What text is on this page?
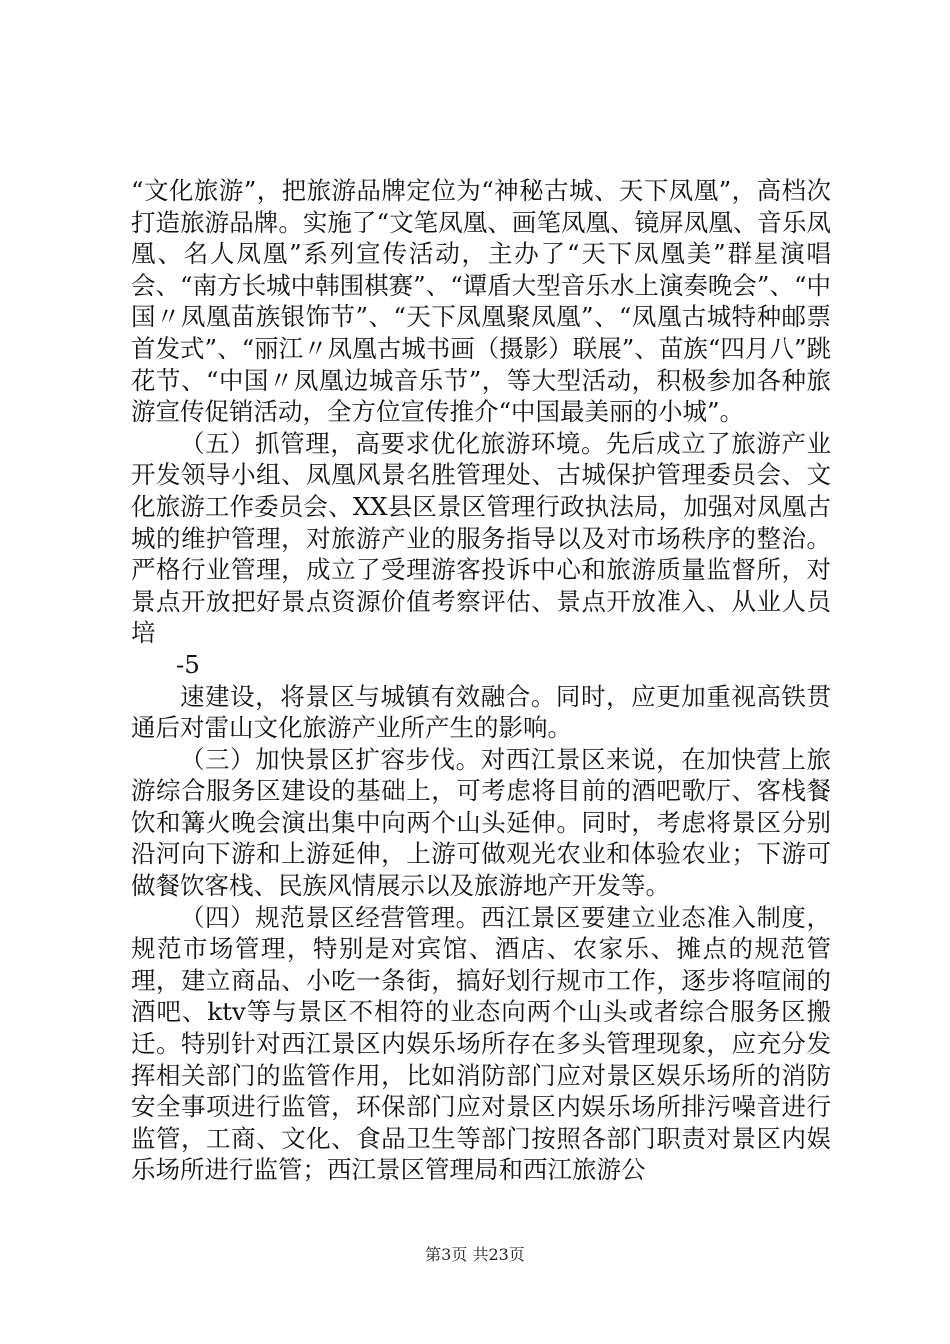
“文化旅游”，把旅游品牌定位为“神秘古城、天下凤凰”，高档次打造旅游品牌。实施了“文笔凤凰、画笔凤凰、镜屏凤凰、音乐凤凰、名人凤凰”系列宣传活动，主办了“天下凤凰美”群星演唱会、“南方长城中韩围棋赛”、“谭盾大型音乐水上演奏晚会”、“中国〃凤凰苗族银饰节”、“天下凤凰聚凤凰”、“凤凰古城特种邮票首发式”、“丽江〃凤凰古城书画（摄影）联展”、苗族“四月八”跳花节、“中国〃凤凰边城音乐节”，等大型活动，积极参加各种旅游宣传促销活动，全方位宣传推介“中国最美丽的小城”。

（五）抓管理，高要求优化旅游环境。先后成立了旅游产业开发领导小组、凤凰风景名胜管理处、古城保护管理委员会、文化旅游工作委员会、XX县区景区管理行政执法局，加强对凤凰古城的维护管理，对旅游产业的服务指导以及对市场秩序的整治。严格行业管理，成立了受理游客投诉中心和旅游质量监督所，对景点开放把好景点资源价值考察评估、景点开放准入、从业人员培

-5

速建设，将景区与城镇有效融合。同时，应更加重视高铁贯通后对雷山文化旅游产业所产生的影响。

（三）加快景区扩容步伐。对西江景区来说，在加快营上旅游综合服务区建设的基础上，可考虑将目前的酒吧歌厅、客栈餐饮和篝火晚会演出集中向两个山头延伸。同时，考虑将景区分别沿河向下游和上游延伸，上游可做观光农业和体验农业；下游可做餐饮客栈、民族风情展示以及旅游地产开发等。

（四）规范景区经营管理。西江景区要建立业态准入制度，规范市场管理，特别是对宾馆、酒店、农家乐、摊点的规范管理，建立商品、小吃一条街，搞好划行规市工作，逐步将喧闹的酒吧、ktv等与景区不相符的业态向两个山头或者综合服务区搬迁。特别针对西江景区内娱乐场所存在多头管理现象，应充分发挥相关部门的监管作用，比如消防部门应对景区娱乐场所的消防安全事项进行监管，环保部门应对景区内娱乐场所排污噪音进行监管，工商、文化、食品卫生等部门按照各部门职责对景区内娱乐场所进行监管；西江景区管理局和西江旅游公

第3页 共23页
